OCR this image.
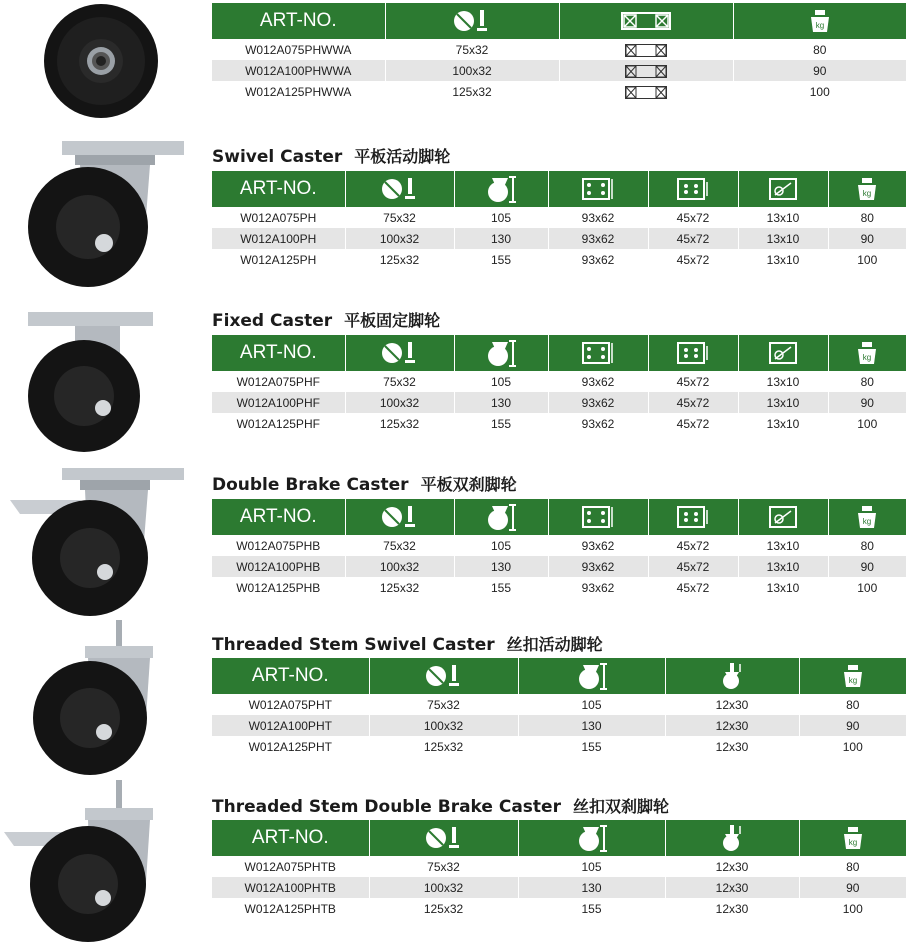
ART-NO.			kg

W012A075PHWWA	75x32		80
W012A100PHWWA	100x32		90
W012A125PHWWA	125x32		100
Swivel Caster 平板活动脚轮
ART-NO.						kg

W012A075PH	75x32	105	93x62	45x72	13x10	80
W012A100PH	100x32	130	93x62	45x72	13x10	90
W012A125PH	125x32	155	93x62	45x72	13x10	100
Fixed Caster 平板固定脚轮
ART-NO.						kg

W012A075PHF	75x32	105	93x62	45x72	13x10	80
W012A100PHF	100x32	130	93x62	45x72	13x10	90
W012A125PHF	125x32	155	93x62	45x72	13x10	100
Double Brake Caster 平板双刹脚轮
ART-NO.						kg

W012A075PHB	75x32	105	93x62	45x72	13x10	80
W012A100PHB	100x32	130	93x62	45x72	13x10	90
W012A125PHB	125x32	155	93x62	45x72	13x10	100
Threaded Stem Swivel Caster 丝扣活动脚轮
ART-NO.				kg

W012A075PHT	75x32	105	12x30	80
W012A100PHT	100x32	130	12x30	90
W012A125PHT	125x32	155	12x30	100
Threaded Stem Double Brake Caster 丝扣双刹脚轮
ART-NO.				kg

W012A075PHTB	75x32	105	12x30	80
W012A100PHTB	100x32	130	12x30	90
W012A125PHTB	125x32	155	12x30	100
